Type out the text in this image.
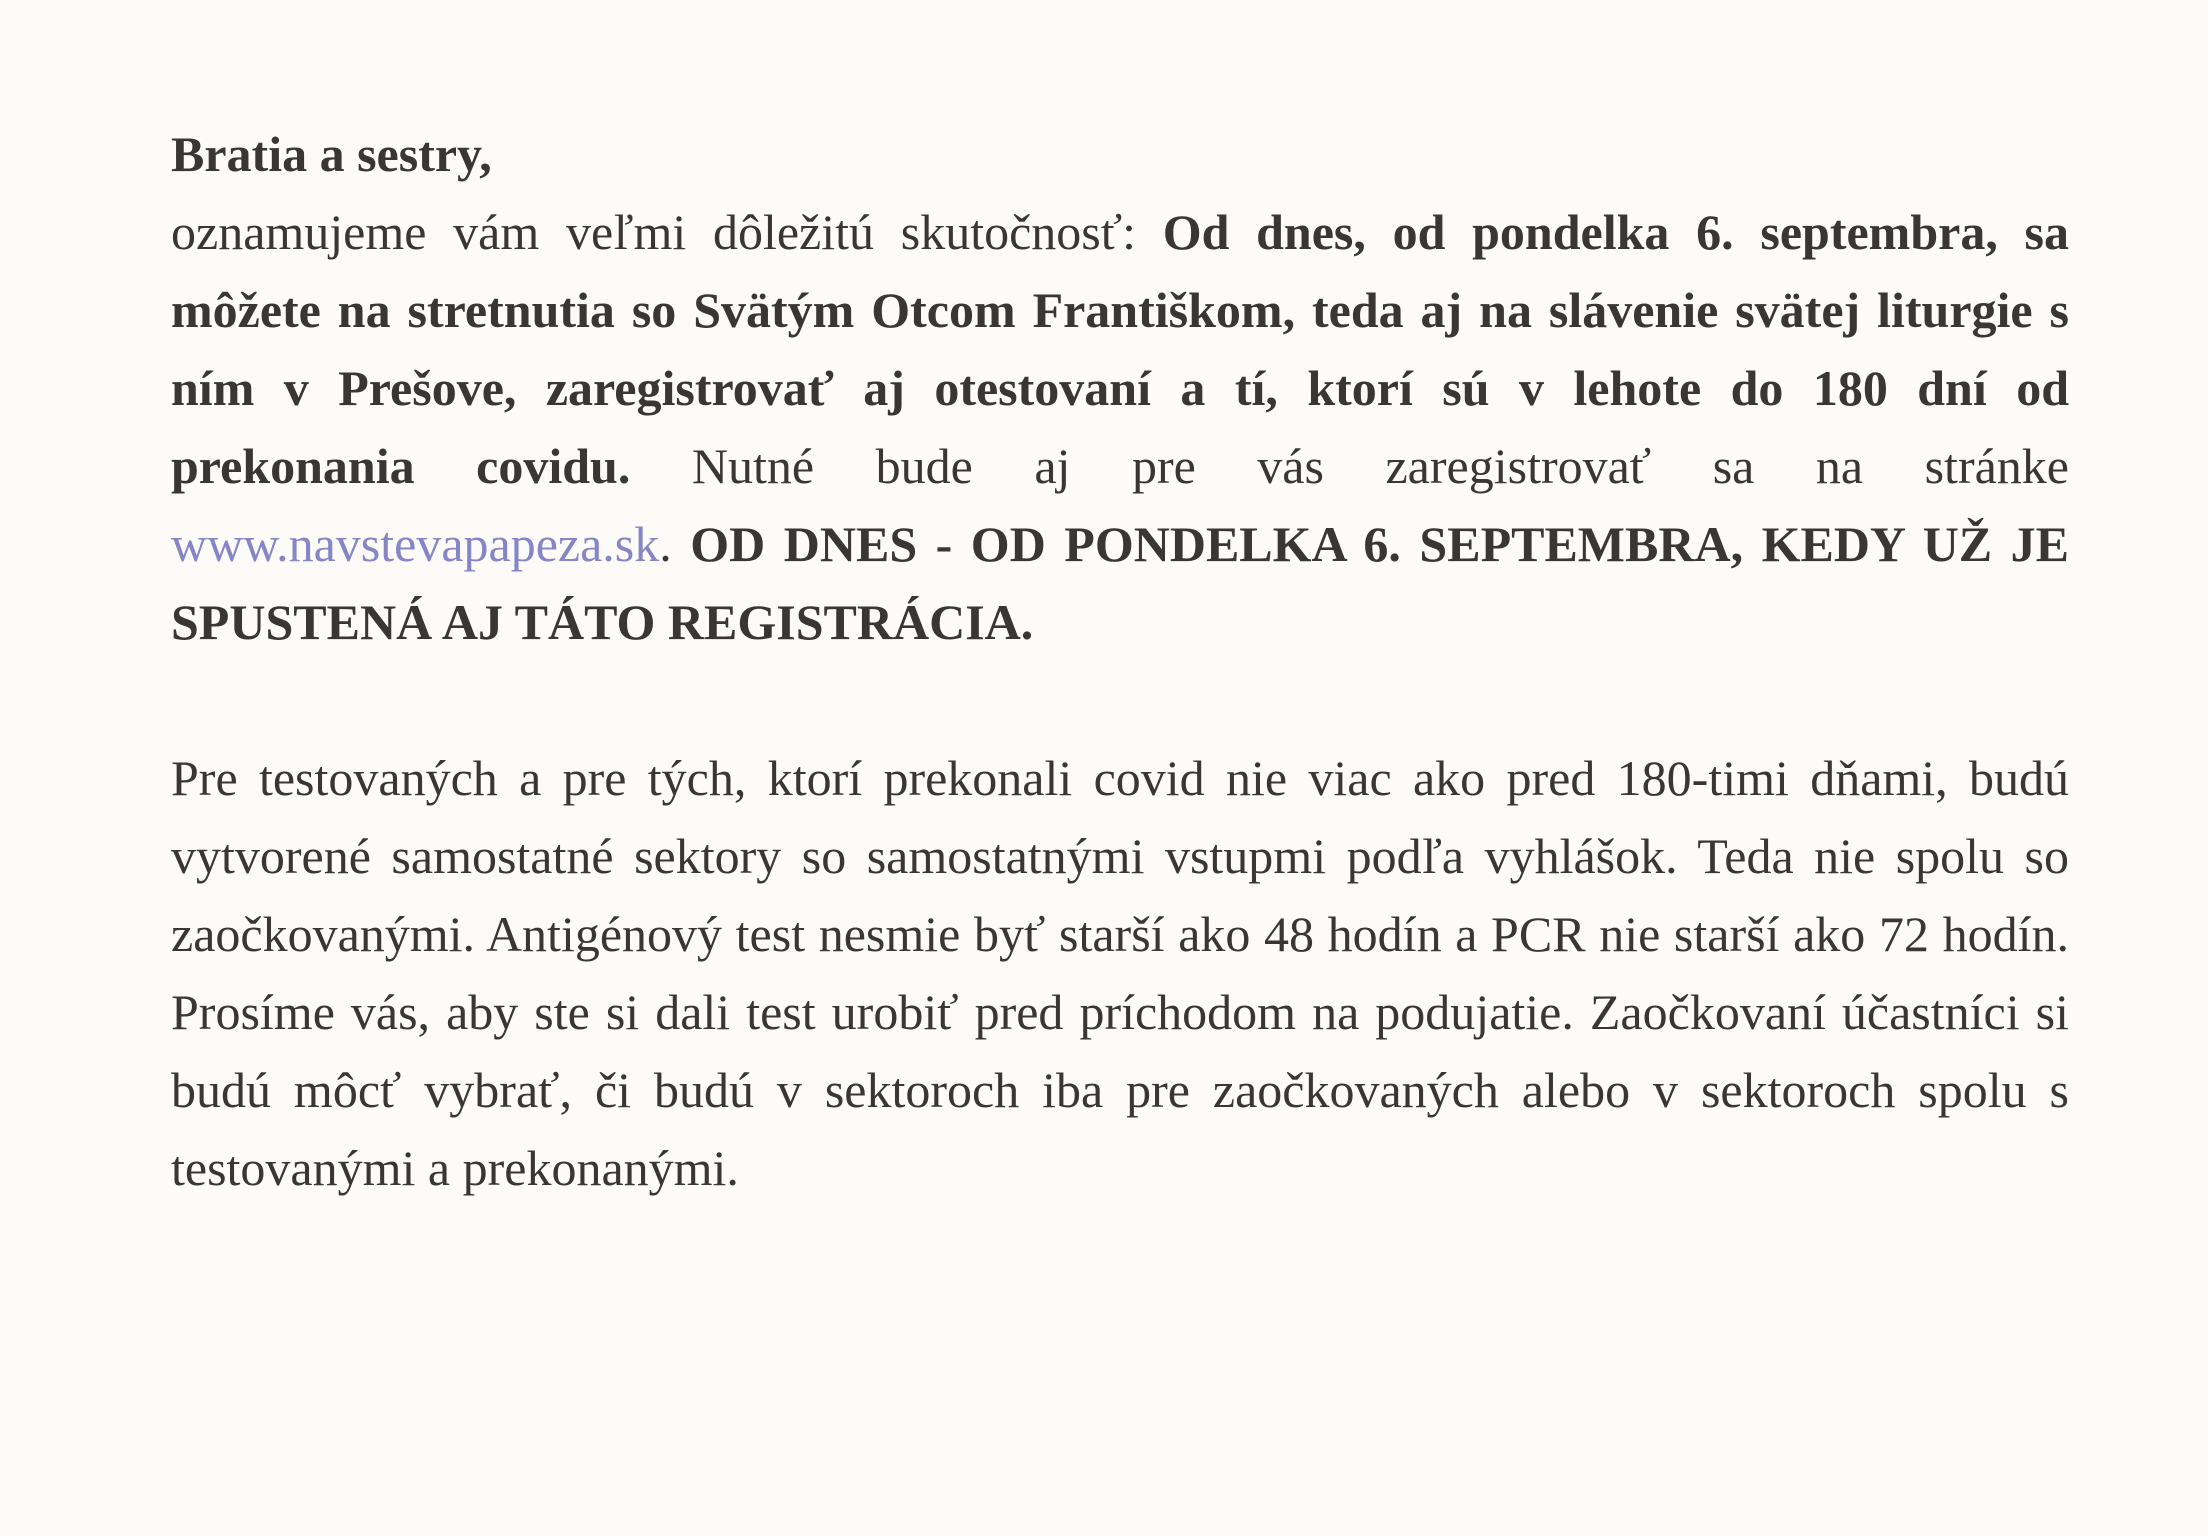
Bratia a sestry,

oznamujeme vám veľmi dôležitú skutočnosť: Od dnes, od pondelka 6. septembra, sa môžete na stretnutia so Svätým Otcom Františkom, teda aj na slávenie svätej liturgie s ním v Prešove, zaregistrovať aj otestovaní a tí, ktorí sú v lehote do 180 dní od prekonania covidu. Nutné bude aj pre vás zaregistrovať sa na stránke www.navstevapapeza.sk. OD DNES - OD PONDELKA 6. SEPTEMBRA, KEDY UŽ JE SPUSTENÁ AJ TÁTO REGISTRÁCIA.

Pre testovaných a pre tých, ktorí prekonali covid nie viac ako pred 180-timi dňami, budú vytvorené samostatné sektory so samostatnými vstupmi podľa vyhlášok. Teda nie spolu so zaočkovanými. Antigénový test nesmie byť starší ako 48 hodín a PCR nie starší ako 72 hodín. Prosíme vás, aby ste si dali test urobiť pred príchodom na podujatie. Zaočkovaní účastníci si budú môcť vybrať, či budú v sektoroch iba pre zaočkovaných alebo v sektoroch spolu s testovanými a prekonanými.
